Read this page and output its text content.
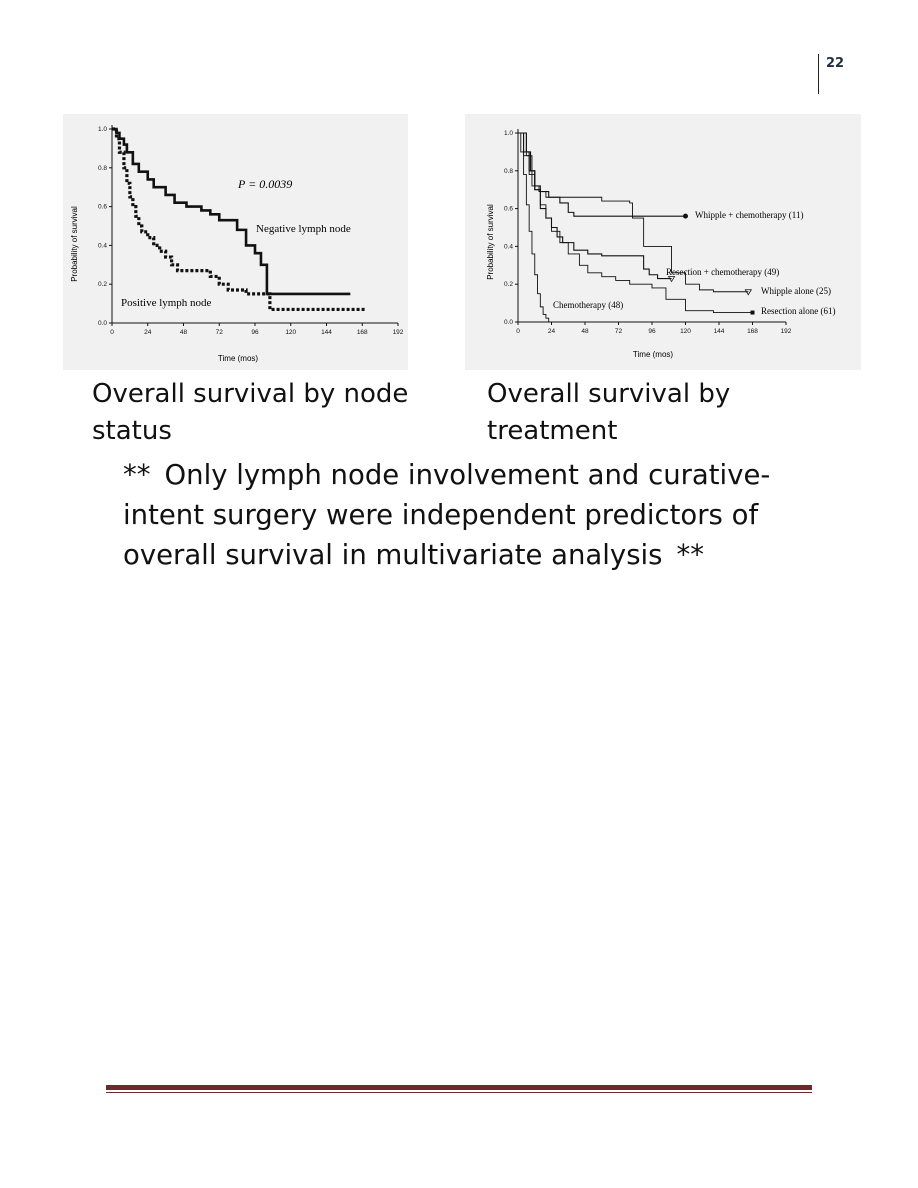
22
Probability of survival
Time (mos)
P = 0.0039
Negative lymph node
Positive lymph node
0	24	48	72	96	120	144	168	192
0.0
0.2
0.4
0.6
0.8
1.0
Probability of survival
Time (mos)
Whipple + chemotherapy (11)
Resection + chemotherapy (49)
Whipple alone (25)
Resection alone (61)
Chemotherapy (48)
0	24	48	72	96	120	144	168	192
0.0
0.2
0.4
0.6
0.8
1.0
Overall survival by node status
Overall survival by treatment
** Only lymph node involvement and curative-intent surgery were independent predictors of overall survival in multivariate analysis **
